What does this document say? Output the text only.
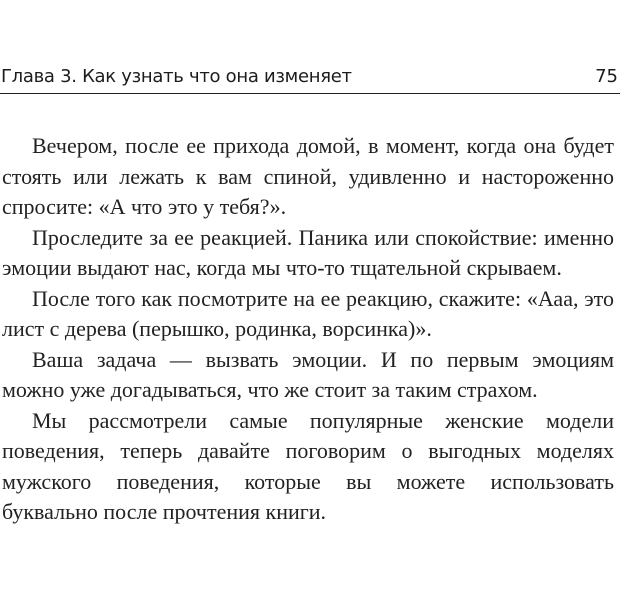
Глава 3. Как узнать что она изменяет	75

Вечером, после ее прихода домой, в момент, когда она будет стоять или лежать к вам спиной, удивленно и настороженно спросите: «А что это у тебя?».

Проследите за ее реакцией. Паника или спокойствие: именно эмоции выдают нас, когда мы что-то тщательной скрываем.

После того как посмотрите на ее реакцию, скажите: «Ааа, это лист с дерева (перышко, родинка, ворсинка)».

Ваша задача — вызвать эмоции. И по первым эмоциям можно уже догадываться, что же стоит за таким страхом.

Мы рассмотрели самые популярные женские модели поведения, теперь давайте поговорим о выгодных моделях мужского поведения, которые вы можете использовать буквально после прочтения книги.
